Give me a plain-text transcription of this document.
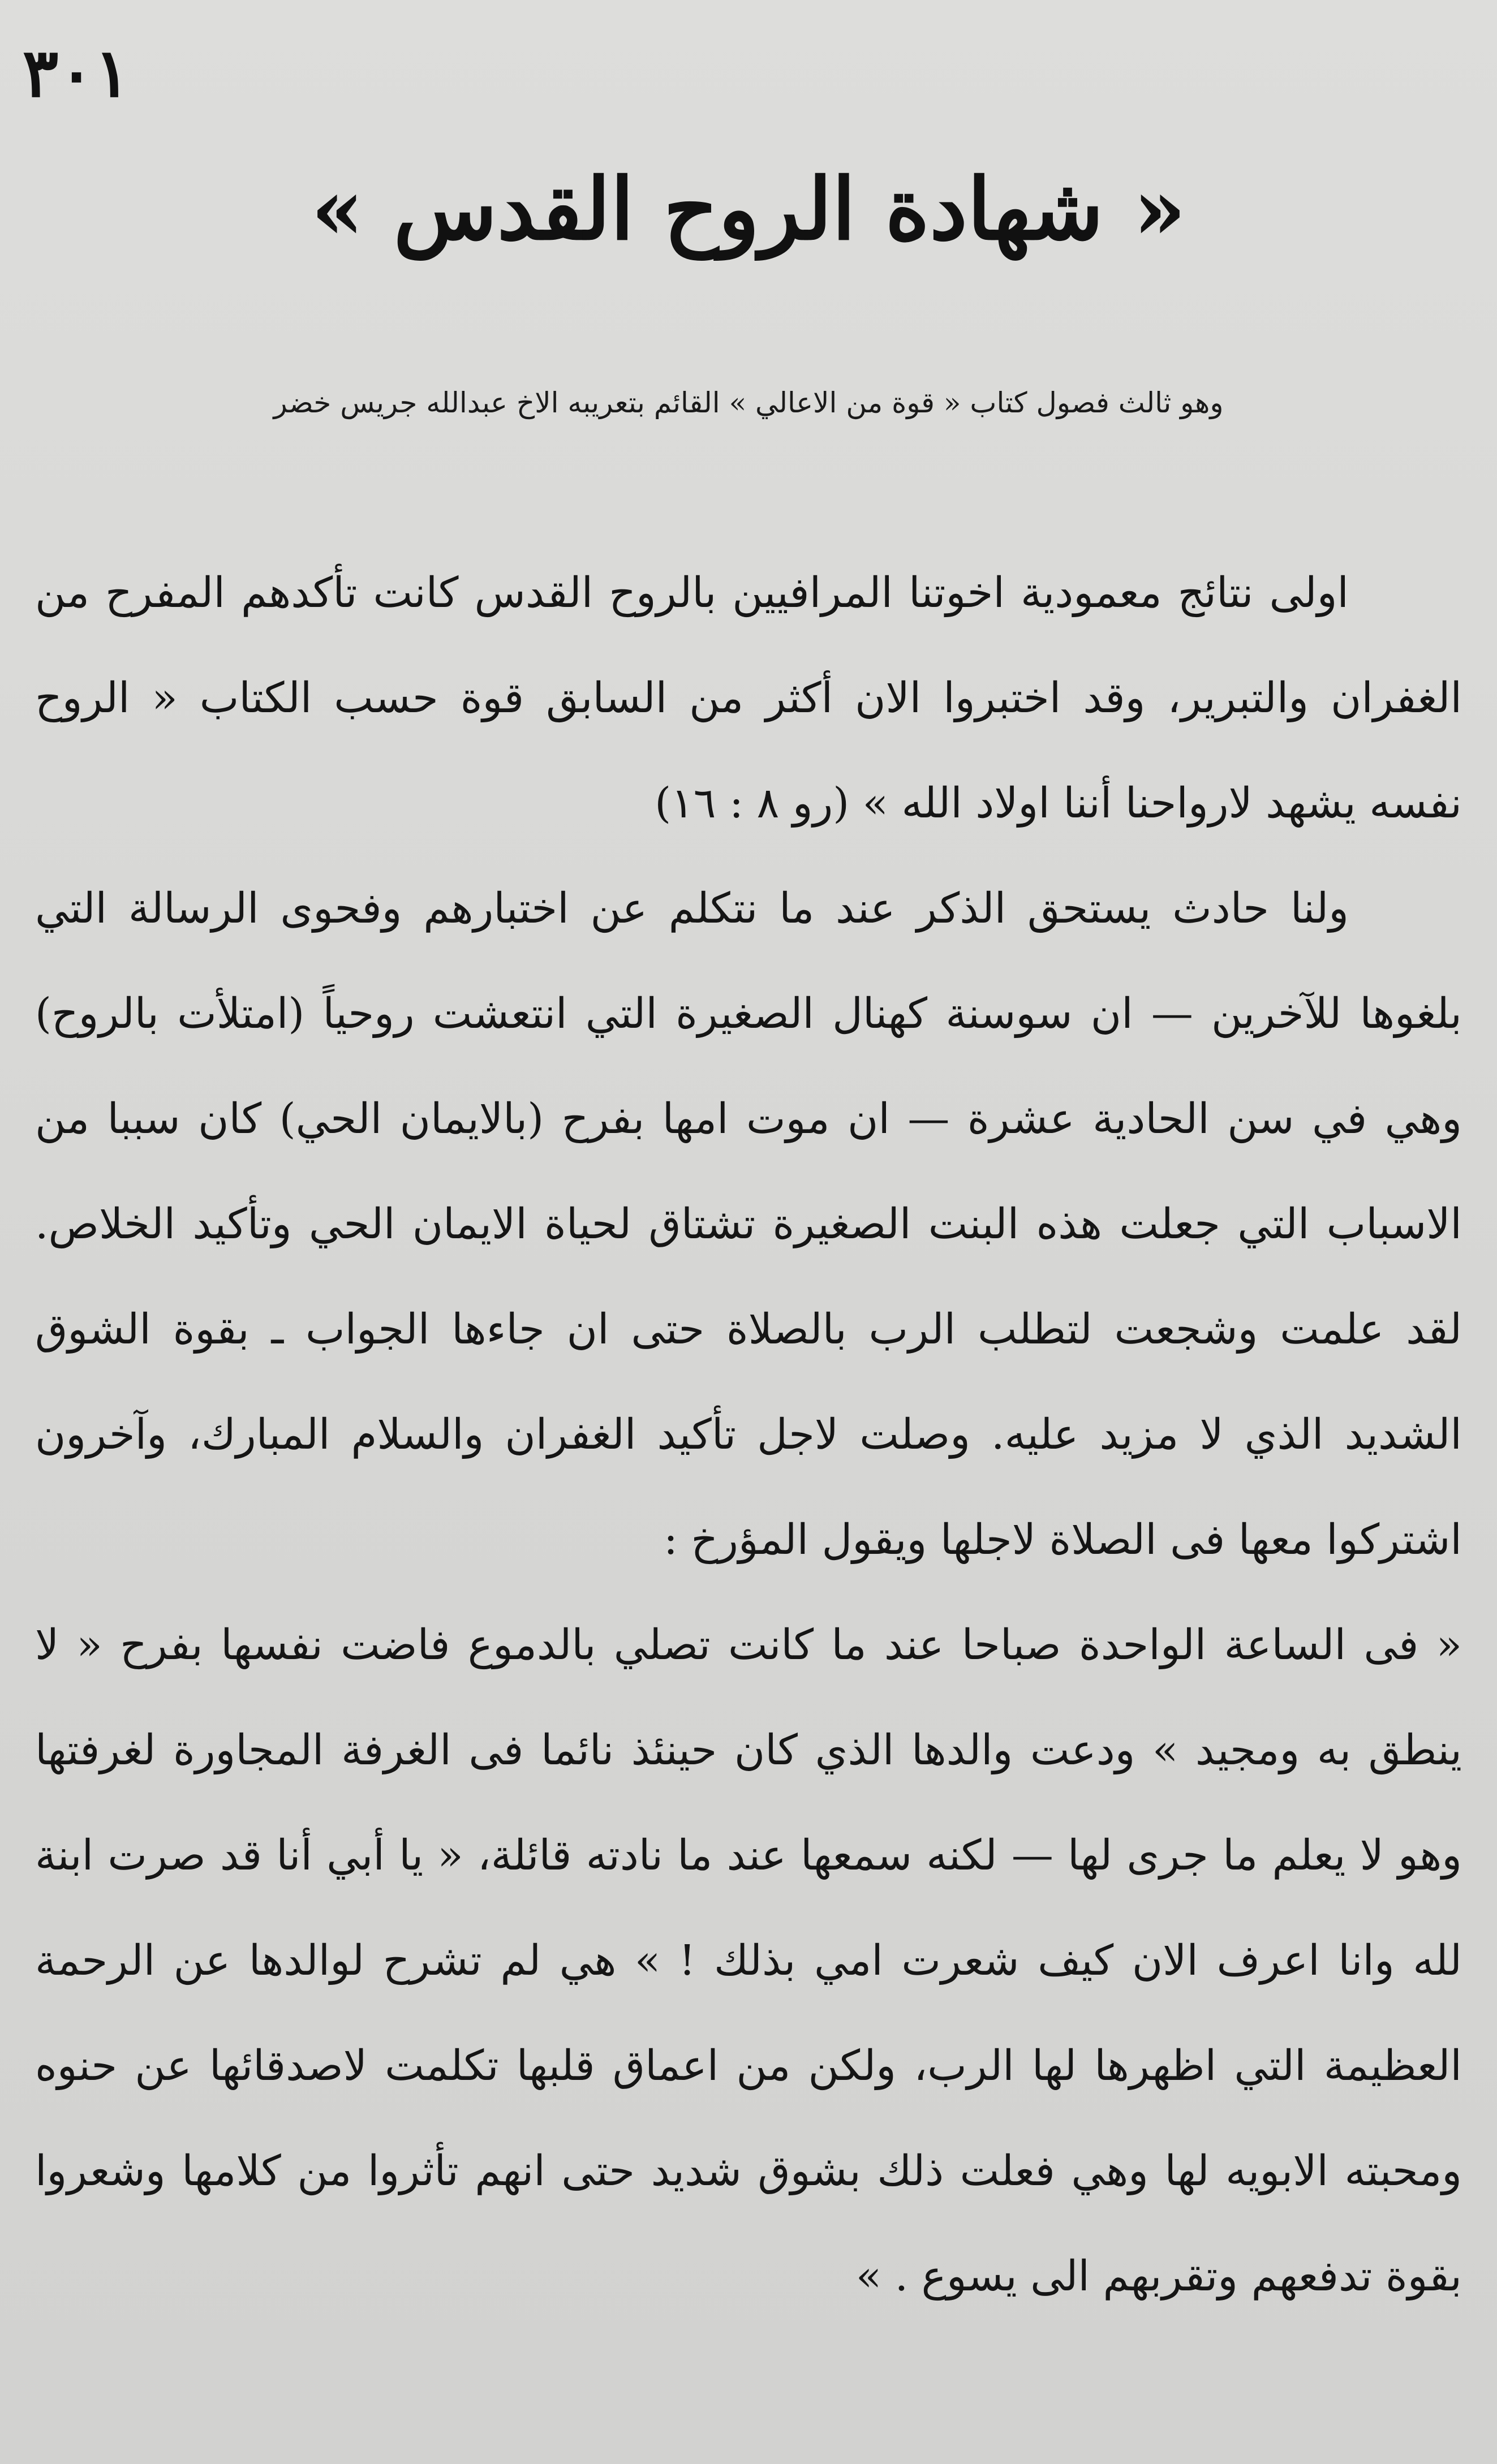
٣٠١
« شهادة الروح القدس »
وهو ثالث فصول كتاب « قوة من الاعالي » القائم بتعريبه الاخ عبدالله جريس خضر

اولى نتائج معمودية اخوتنا المرافيين بالروح القدس كانت تأكدهم المفرح من الغفران والتبرير، وقد اختبروا الان أكثر من السابق قوة حسب الكتاب « الروح نفسه يشهد لارواحنا أننا اولاد الله » (رو ٨ : ١٦)

ولنا حادث يستحق الذكر عند ما نتكلم عن اختبارهم وفحوى الرسالة التي بلغوها للآخرين — ان سوسنة كهنال الصغيرة التي انتعشت روحياً (امتلأت بالروح) وهي في سن الحادية عشرة — ان موت امها بفرح (بالايمان الحي) كان سببا من الاسباب التي جعلت هذه البنت الصغيرة تشتاق لحياة الايمان الحي وتأكيد الخلاص. لقد علمت وشجعت لتطلب الرب بالصلاة حتى ان جاءها الجواب ـ بقوة الشوق الشديد الذي لا مزيد عليه. وصلت لاجل تأكيد الغفران والسلام المبارك، وآخرون اشتركوا معها فى الصلاة لاجلها ويقول المؤرخ :

« فى الساعة الواحدة صباحا عند ما كانت تصلي بالدموع فاضت نفسها بفرح « لا ينطق به ومجيد » ودعت والدها الذي كان حينئذ نائما فى الغرفة المجاورة لغرفتها وهو لا يعلم ما جرى لها — لكنه سمعها عند ما نادته قائلة، « يا أبي أنا قد صرت ابنة لله وانا اعرف الان كيف شعرت امي بذلك ! » هي لم تشرح لوالدها عن الرحمة العظيمة التي اظهرها لها الرب، ولكن من اعماق قلبها تكلمت لاصدقائها عن حنوه ومحبته الابويه لها وهي فعلت ذلك بشوق شديد حتى انهم تأثروا من كلامها وشعروا بقوة تدفعهم وتقربهم الى يسوع . »
